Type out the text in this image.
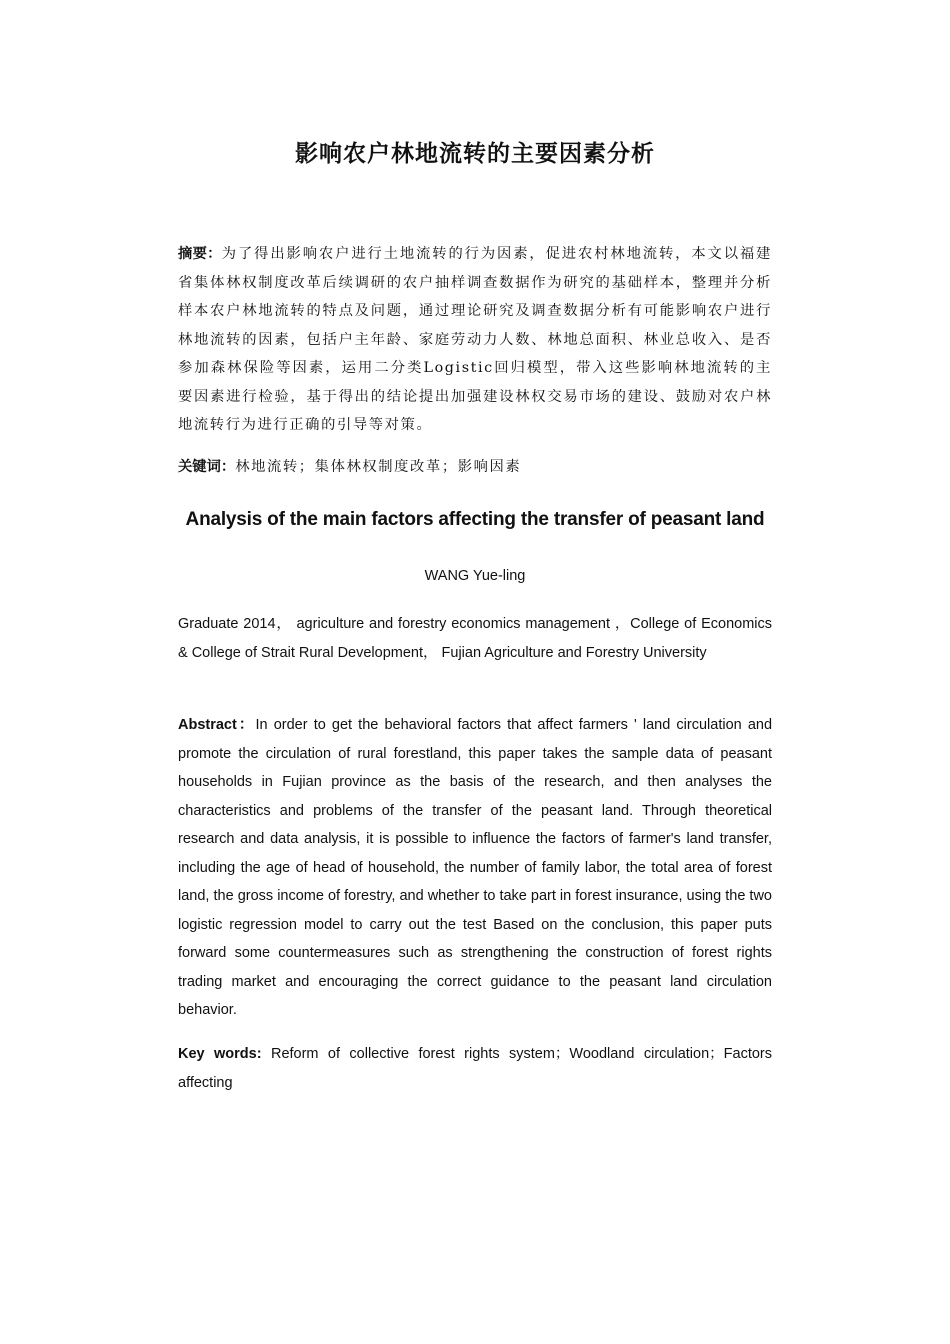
影响农户林地流转的主要因素分析
摘要：为了得出影响农户进行土地流转的行为因素，促进农村林地流转，本文以福建省集体林权制度改革后续调研的农户抽样调查数据作为研究的基础样本，整理并分析样本农户林地流转的特点及问题，通过理论研究及调查数据分析有可能影响农户进行林地流转的因素，包括户主年龄、家庭劳动力人数、林地总面积、林业总收入、是否参加森林保险等因素，运用二分类Logistic回归模型，带入这些影响林地流转的主要因素进行检验，基于得出的结论提出加强建设林权交易市场的建设、鼓励对农户林地流转行为进行正确的引导等对策。
关键词：林地流转；集体林权制度改革；影响因素
Analysis of the main factors affecting the transfer of peasant land
WANG Yue-ling
Graduate 2014， agriculture and forestry economics management ，College of Economics & College of Strait Rural Development， Fujian Agriculture and Forestry University
Abstract：In order to get the behavioral factors that affect farmers ' land circulation and promote the circulation of rural forestland, this paper takes the sample data of peasant households in Fujian province as the basis of the research, and then analyses the characteristics and problems of the transfer of the peasant land. Through theoretical research and data analysis, it is possible to influence the factors of farmer's land transfer, including the age of head of household, the number of family labor, the total area of forest land, the gross income of forestry, and whether to take part in forest insurance, using the two logistic regression model to carry out the test Based on the conclusion, this paper puts forward some countermeasures such as strengthening the construction of forest rights trading market and encouraging the correct guidance to the peasant land circulation behavior.
Key words: Reform of collective forest rights system；Woodland circulation；Factors affecting
